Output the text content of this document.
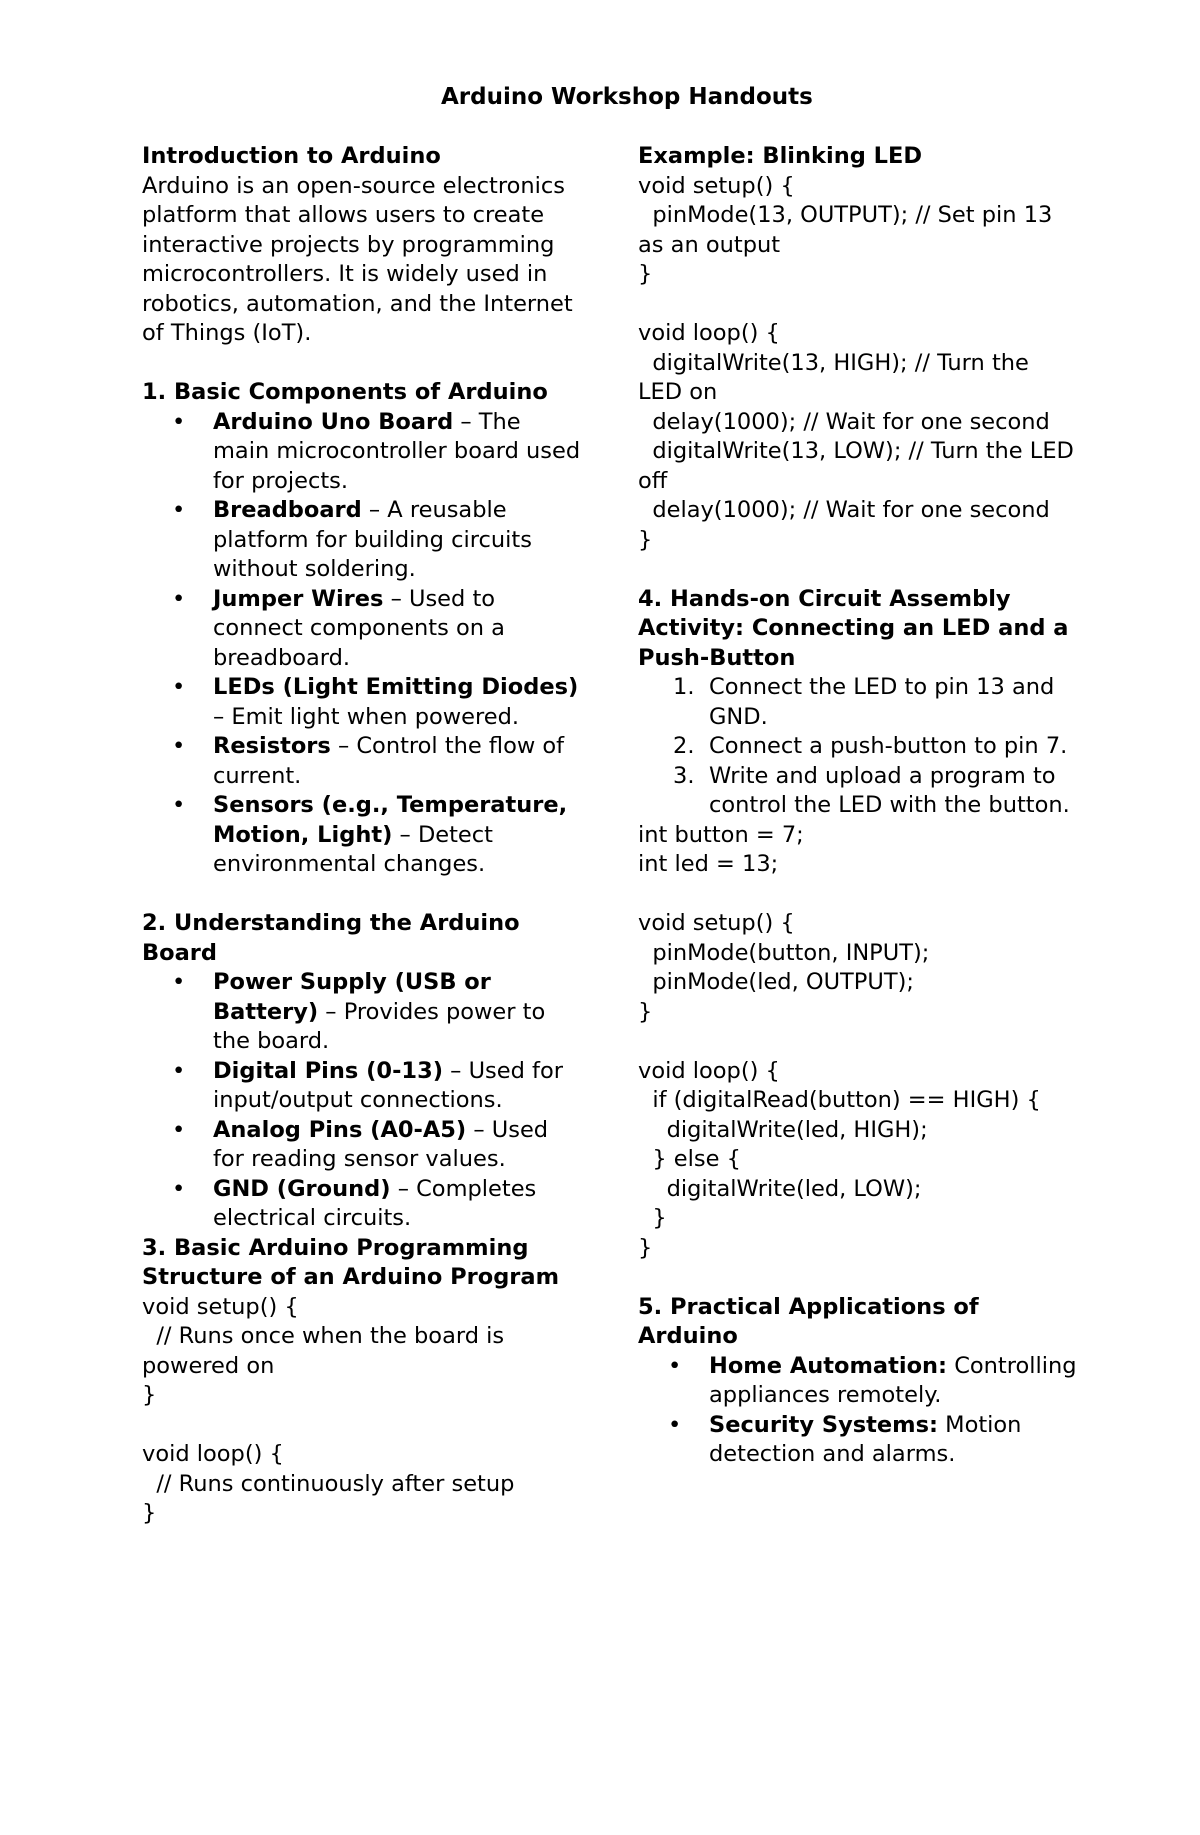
Arduino Workshop Handouts
Introduction to Arduino

Arduino is an open-source electronics platform that allows users to create interactive projects by programming microcontrollers. It is widely used in robotics, automation, and the Internet of Things (IoT).

1. Basic Components of Arduino
• Arduino Uno Board – The main microcontroller board used for projects.
• Breadboard – A reusable platform for building circuits without soldering.
• Jumper Wires – Used to connect components on a breadboard.
• LEDs (Light Emitting Diodes) – Emit light when powered.
• Resistors – Control the flow of current.
• Sensors (e.g., Temperature, Motion, Light) – Detect environmental changes.
2. Understanding the Arduino Board
• Power Supply (USB or Battery) – Provides power to the board.
• Digital Pins (0-13) – Used for input/output connections.
• Analog Pins (A0-A5) – Used for reading sensor values.
• GND (Ground) – Completes electrical circuits.
3. Basic Arduino Programming Structure of an Arduino Program
void setup() {
// Runs once when the board is powered on
}

void loop() {
// Runs continuously after setup
}
Example: Blinking LED
void setup() {
pinMode(13, OUTPUT); // Set pin 13 as an output
}

void loop() {
digitalWrite(13, HIGH); // Turn the LED on
delay(1000); // Wait for one second
digitalWrite(13, LOW); // Turn the LED off
delay(1000); // Wait for one second
}
4. Hands-on Circuit Assembly Activity: Connecting an LED and a Push-Button
1. Connect the LED to pin 13 and GND.
2. Connect a push-button to pin 7.
3. Write and upload a program to control the LED with the button.
int button = 7;
int led = 13;

void setup() {
pinMode(button, INPUT);
pinMode(led, OUTPUT);
}

void loop() {
if (digitalRead(button) == HIGH) {
digitalWrite(led, HIGH);
} else {
digitalWrite(led, LOW);
}
}
5. Practical Applications of Arduino
• Home Automation: Controlling appliances remotely.
• Security Systems: Motion detection and alarms.
